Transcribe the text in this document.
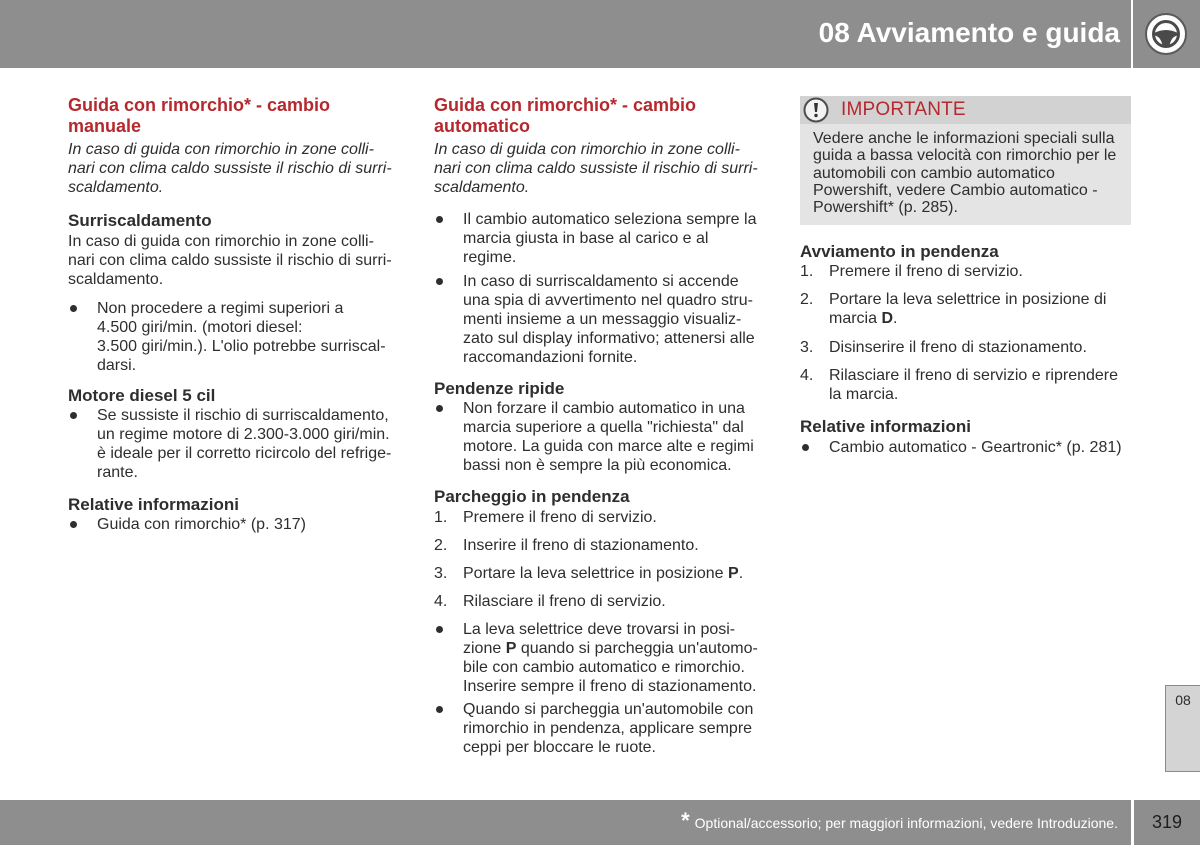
08 Avviamento e guida
Guida con rimorchio* - cambio
manuale

In caso di guida con rimorchio in zone colli-
nari con clima caldo sussiste il rischio di surri-
scaldamento.

Surriscaldamento

In caso di guida con rimorchio in zone colli-
nari con clima caldo sussiste il rischio di surri-
scaldamento.

Non procedere a regimi superiori a
4.500 giri/min. (motori diesel:
3.500 giri/min.). L'olio potrebbe surriscal-
darsi.
Motore diesel 5 cil
Se sussiste il rischio di surriscaldamento,
un regime motore di 2.300-3.000 giri/min.
è ideale per il corretto ricircolo del refrige-
rante.
Relative informazioni
Guida con rimorchio* (p. 317)
Guida con rimorchio* - cambio
automatico

In caso di guida con rimorchio in zone colli-
nari con clima caldo sussiste il rischio di surri-
scaldamento.

Il cambio automatico seleziona sempre la
marcia giusta in base al carico e al
regime.
In caso di surriscaldamento si accende
una spia di avvertimento nel quadro stru-
menti insieme a un messaggio visualiz-
zato sul display informativo; attenersi alle
raccomandazioni fornite.
Pendenze ripide
Non forzare il cambio automatico in una
marcia superiore a quella "richiesta" dal
motore. La guida con marce alte e regimi
bassi non è sempre la più economica.
Parcheggio in pendenza
1. Premere il freno di servizio.
2. Inserire il freno di stazionamento.
3. Portare la leva selettrice in posizione P.
4. Rilasciare il freno di servizio.
La leva selettrice deve trovarsi in posi-
zione P quando si parcheggia un'automo-
bile con cambio automatico e rimorchio.
Inserire sempre il freno di stazionamento.
Quando si parcheggia un'automobile con
rimorchio in pendenza, applicare sempre
ceppi per bloccare le ruote.
IMPORTANTE
Vedere anche le informazioni speciali sulla
guida a bassa velocità con rimorchio per le
automobili con cambio automatico
Powershift, vedere Cambio automatico -
Powershift* (p. 285).
Avviamento in pendenza
1. Premere il freno di servizio.
2. Portare la leva selettrice in posizione di
marcia D.
3. Disinserire il freno di stazionamento.
4. Rilasciare il freno di servizio e riprendere
la marcia.
Relative informazioni
Cambio automatico - Geartronic* (p. 281)
08
* Optional/accessorio; per maggiori informazioni, vedere Introduzione. 319
